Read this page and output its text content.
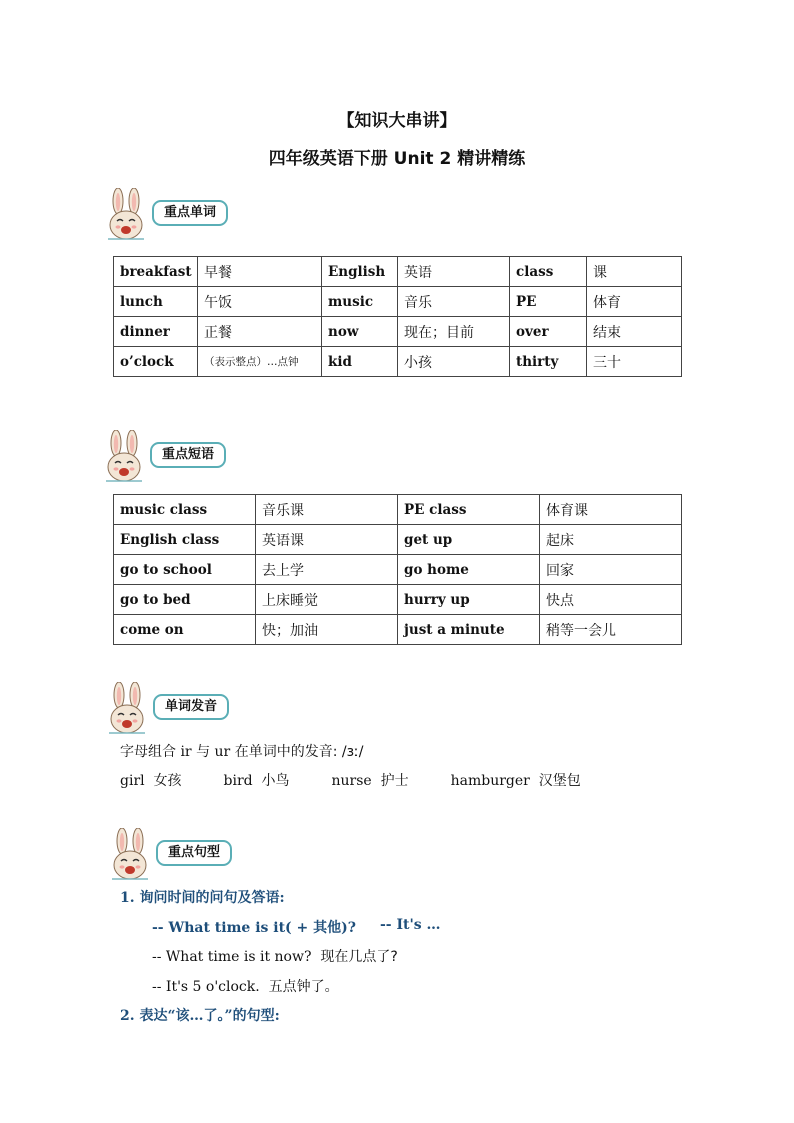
【知识大串讲】
四年级英语下册 Unit 2 精讲精练
重点单词
breakfast	早餐	English	英语	class	课
lunch	午饭	music	音乐	PE	体育
dinner	正餐	now	现在；目前	over	结束
o’clock	（表示整点）…点钟	kid	小孩	thirty	三十
重点短语
music class	音乐课	PE class	体育课
English class	英语课	get up	起床
go to school	去上学	go home	回家
go to bed	上床睡觉	hurry up	快点
come on	快；加油	just a minute	稍等一会儿
单词发音
字母组合 ir 与 ur 在单词中的发音: /ɜː/
girl 女孩	bird 小鸟	nurse 护士	hamburger 汉堡包
重点句型
1. 询问时间的问句及答语:
-- What time is it( + 其他)? -- It's …
-- What time is it now? 现在几点了?
-- It's 5 o'clock. 五点钟了。
2. 表达“该…了。”的句型:
